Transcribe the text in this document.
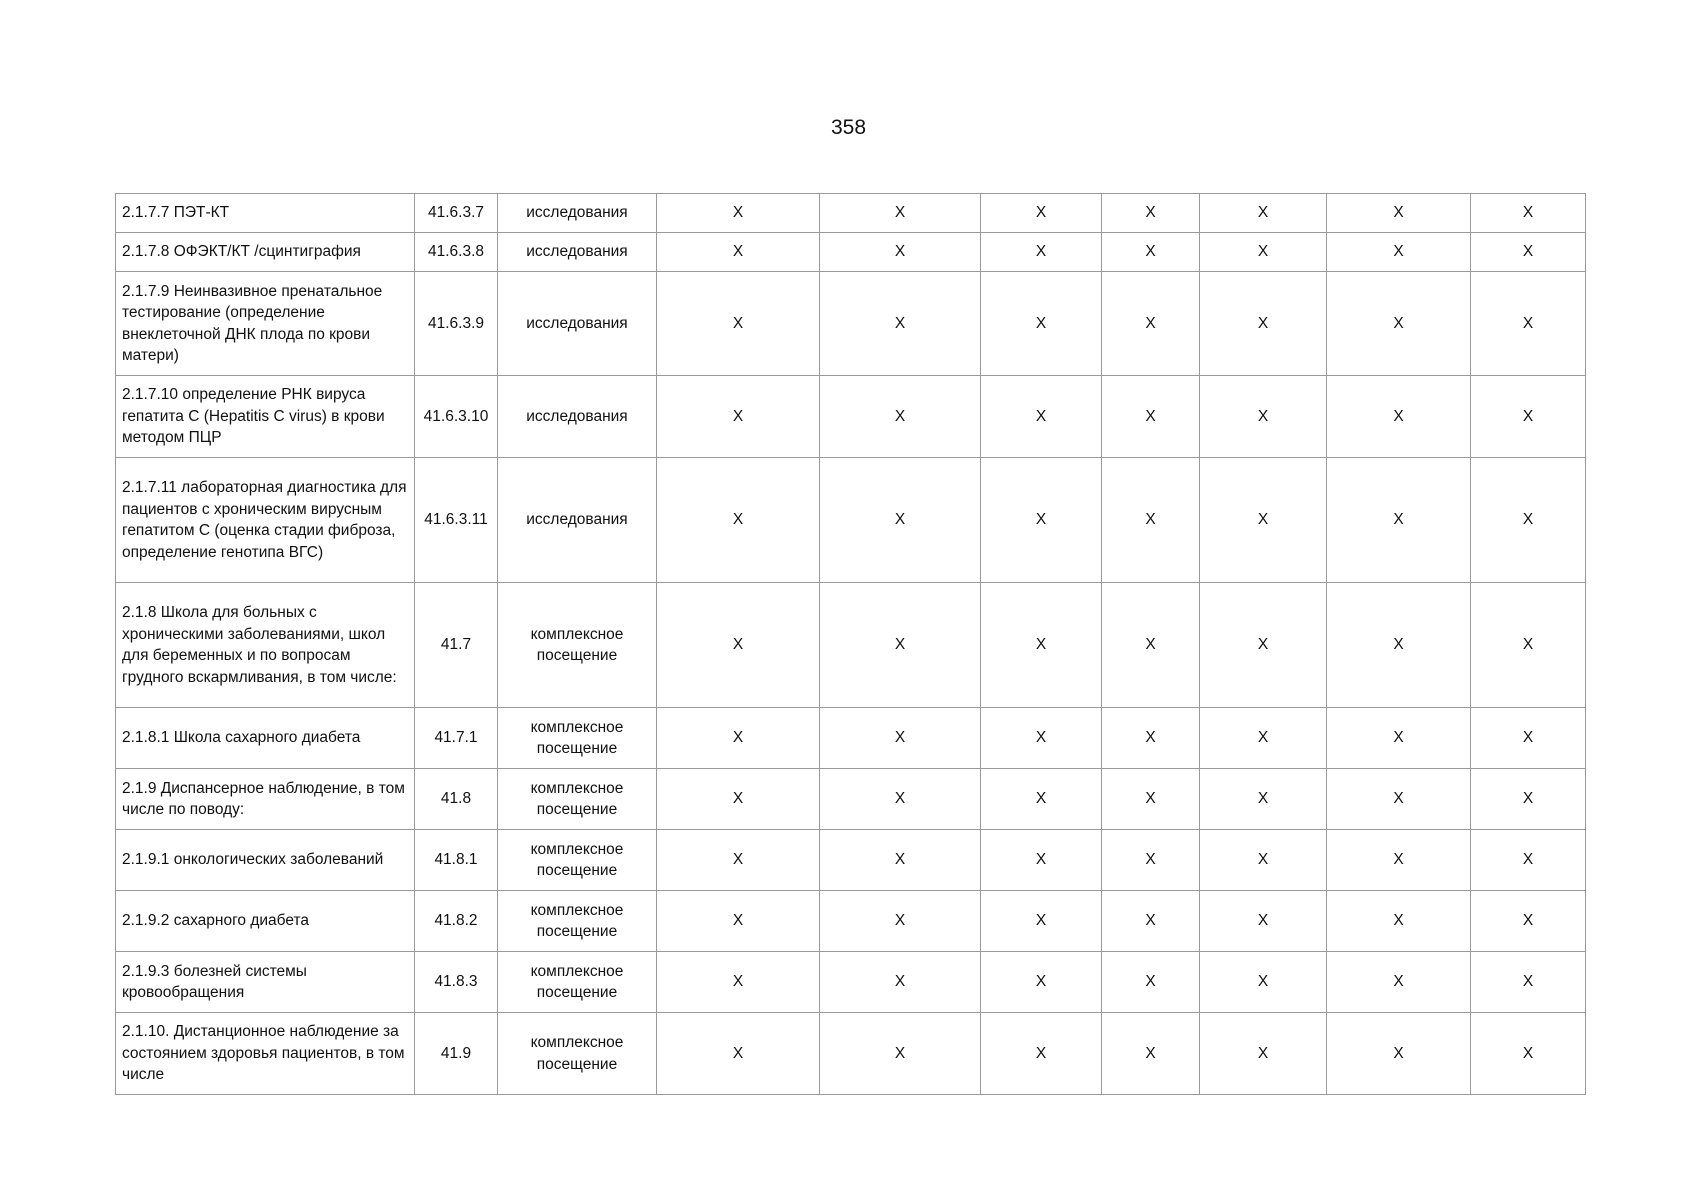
358
2.1.7.7 ПЭТ-КТ	41.6.3.7	исследования	X	X	X	X	X	X	X
2.1.7.8 ОФЭКТ/КТ /сцинтиграфия	41.6.3.8	исследования	X	X	X	X	X	X	X
2.1.7.9 Неинвазивное пренатальное тестирование (определение внеклеточной ДНК плода по крови матери)	41.6.3.9	исследования	X	X	X	X	X	X	X
2.1.7.10 определение РНК вируса гепатита С (Hepatitis C virus) в крови методом ПЦР	41.6.3.10	исследования	X	X	X	X	X	X	X
2.1.7.11 лабораторная диагностика для пациентов с хроническим вирусным гепатитом С (оценка стадии фиброза, определение генотипа ВГС)	41.6.3.11	исследования	X	X	X	X	X	X	X
2.1.8 Школа для больных с хроническими заболеваниями, школ для беременных и по вопросам грудного вскармливания, в том числе:	41.7	комплексное посещение	X	X	X	X	X	X	X
2.1.8.1 Школа сахарного диабета	41.7.1	комплексное посещение	X	X	X	X	X	X	X
2.1.9 Диспансерное наблюдение, в том числе по поводу:	41.8	комплексное посещение	X	X	X	X	X	X	X
2.1.9.1 онкологических заболеваний	41.8.1	комплексное посещение	X	X	X	X	X	X	X
2.1.9.2 сахарного диабета	41.8.2	комплексное посещение	X	X	X	X	X	X	X
2.1.9.3 болезней системы кровообращения	41.8.3	комплексное посещение	X	X	X	X	X	X	X
2.1.10. Дистанционное наблюдение за состоянием здоровья пациентов, в том числе	41.9	комплексное посещение	X	X	X	X	X	X	X
